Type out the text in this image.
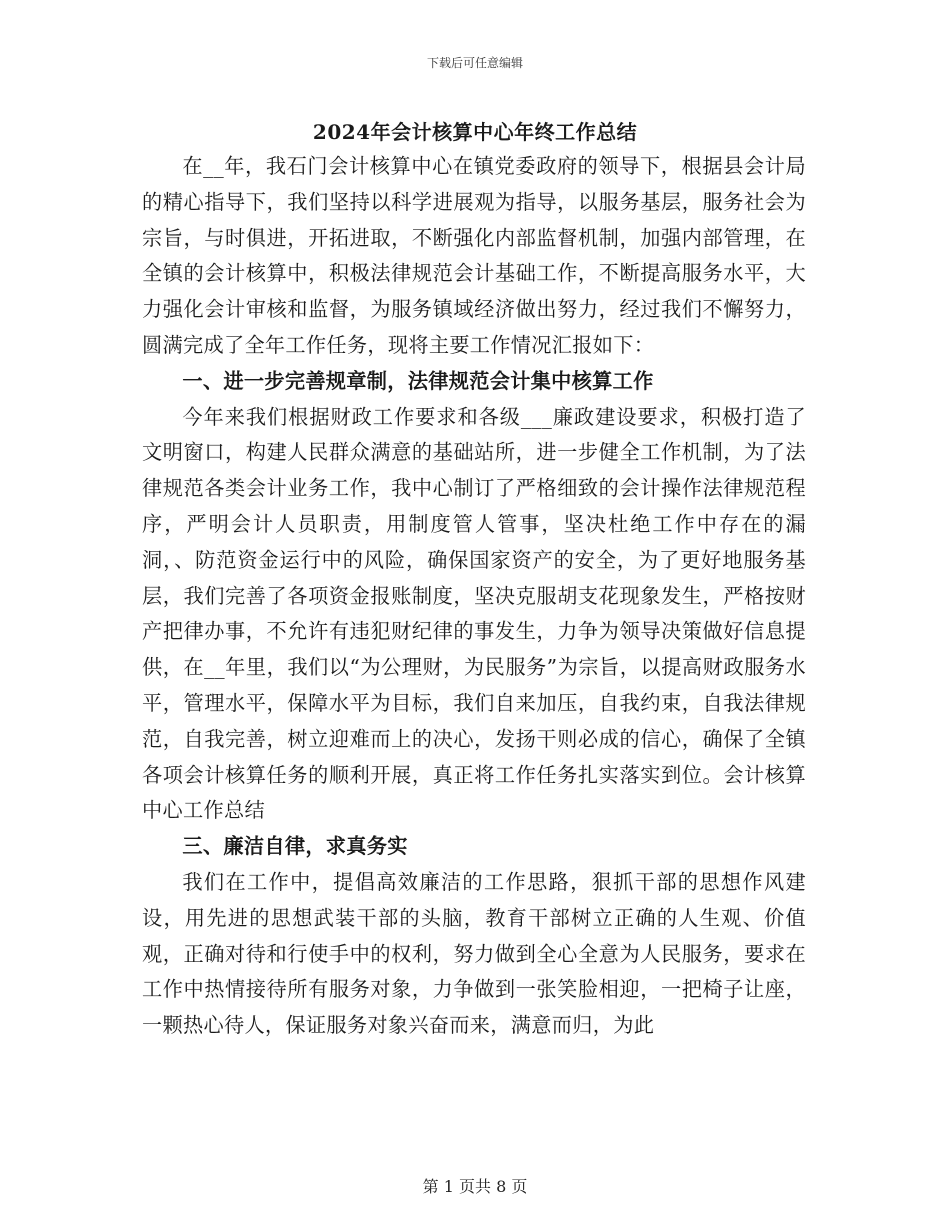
下载后可任意编辑
2024年会计核算中心年终工作总结

在__年，我石门会计核算中心在镇党委政府的领导下，根据县会计局的精心指导下，我们坚持以科学进展观为指导，以服务基层，服务社会为宗旨，与时俱进，开拓进取，不断强化内部监督机制，加强内部管理，在全镇的会计核算中，积极法律规范会计基础工作，不断提高服务水平，大力强化会计审核和监督，为服务镇域经济做出努力，经过我们不懈努力，圆满完成了全年工作任务，现将主要工作情况汇报如下：

一、进一步完善规章制，法律规范会计集中核算工作

今年来我们根据财政工作要求和各级___廉政建设要求，积极打造了文明窗口，构建人民群众满意的基础站所，进一步健全工作机制，为了法律规范各类会计业务工作，我中心制订了严格细致的会计操作法律规范程序，严明会计人员职责，用制度管人管事，坚决杜绝工作中存在的漏洞，、防范资金运行中的风险，确保国家资产的安全，为了更好地服务基层，我们完善了各项资金报账制度，坚决克服胡支花现象发生，严格按财产把律办事，不允许有违犯财纪律的事发生，力争为领导决策做好信息提供，在__年里，我们以“为公理财，为民服务”为宗旨，以提高财政服务水平，管理水平，保障水平为目标，我们自来加压，自我约束，自我法律规范，自我完善，树立迎难而上的决心，发扬干则必成的信心，确保了全镇各项会计核算任务的顺利开展，真正将工作任务扎实落实到位。会计核算中心工作总结

三、廉洁自律，求真务实

我们在工作中，提倡高效廉洁的工作思路，狠抓干部的思想作风建设，用先进的思想武装干部的头脑，教育干部树立正确的人生观、价值观，正确对待和行使手中的权利，努力做到全心全意为人民服务，要求在工作中热情接待所有服务对象，力争做到一张笑脸相迎，一把椅子让座，一颗热心待人，保证服务对象兴奋而来，满意而归，为此

第 1 页共 8 页
